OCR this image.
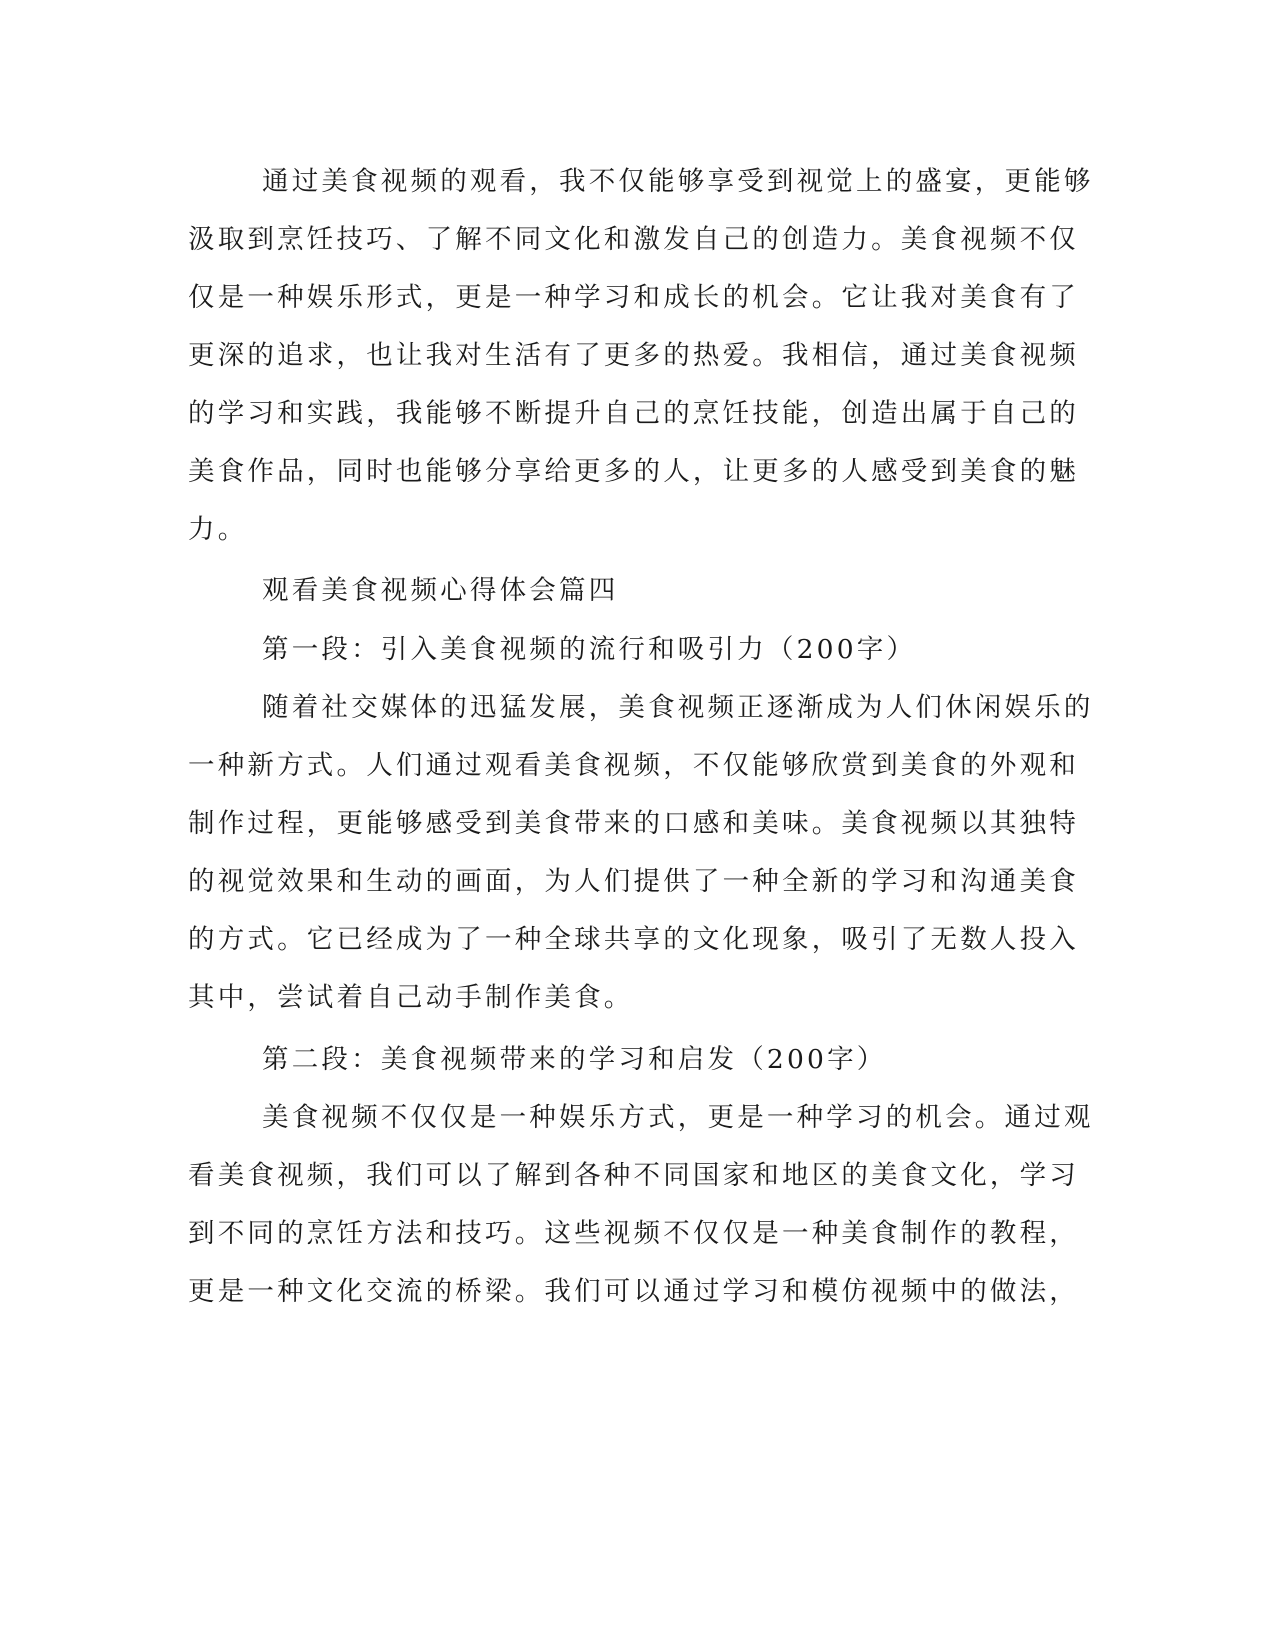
通过美食视频的观看，我不仅能够享受到视觉上的盛宴，更能够

汲取到烹饪技巧、了解不同文化和激发自己的创造力。美食视频不仅

仅是一种娱乐形式，更是一种学习和成长的机会。它让我对美食有了

更深的追求，也让我对生活有了更多的热爱。我相信，通过美食视频

的学习和实践，我能够不断提升自己的烹饪技能，创造出属于自己的

美食作品，同时也能够分享给更多的人，让更多的人感受到美食的魅

力。

观看美食视频心得体会篇四

第一段：引入美食视频的流行和吸引力（200字）

随着社交媒体的迅猛发展，美食视频正逐渐成为人们休闲娱乐的

一种新方式。人们通过观看美食视频，不仅能够欣赏到美食的外观和

制作过程，更能够感受到美食带来的口感和美味。美食视频以其独特

的视觉效果和生动的画面，为人们提供了一种全新的学习和沟通美食

的方式。它已经成为了一种全球共享的文化现象，吸引了无数人投入

其中，尝试着自己动手制作美食。

第二段：美食视频带来的学习和启发（200字）

美食视频不仅仅是一种娱乐方式，更是一种学习的机会。通过观

看美食视频，我们可以了解到各种不同国家和地区的美食文化，学习

到不同的烹饪方法和技巧。这些视频不仅仅是一种美食制作的教程，

更是一种文化交流的桥梁。我们可以通过学习和模仿视频中的做法，
